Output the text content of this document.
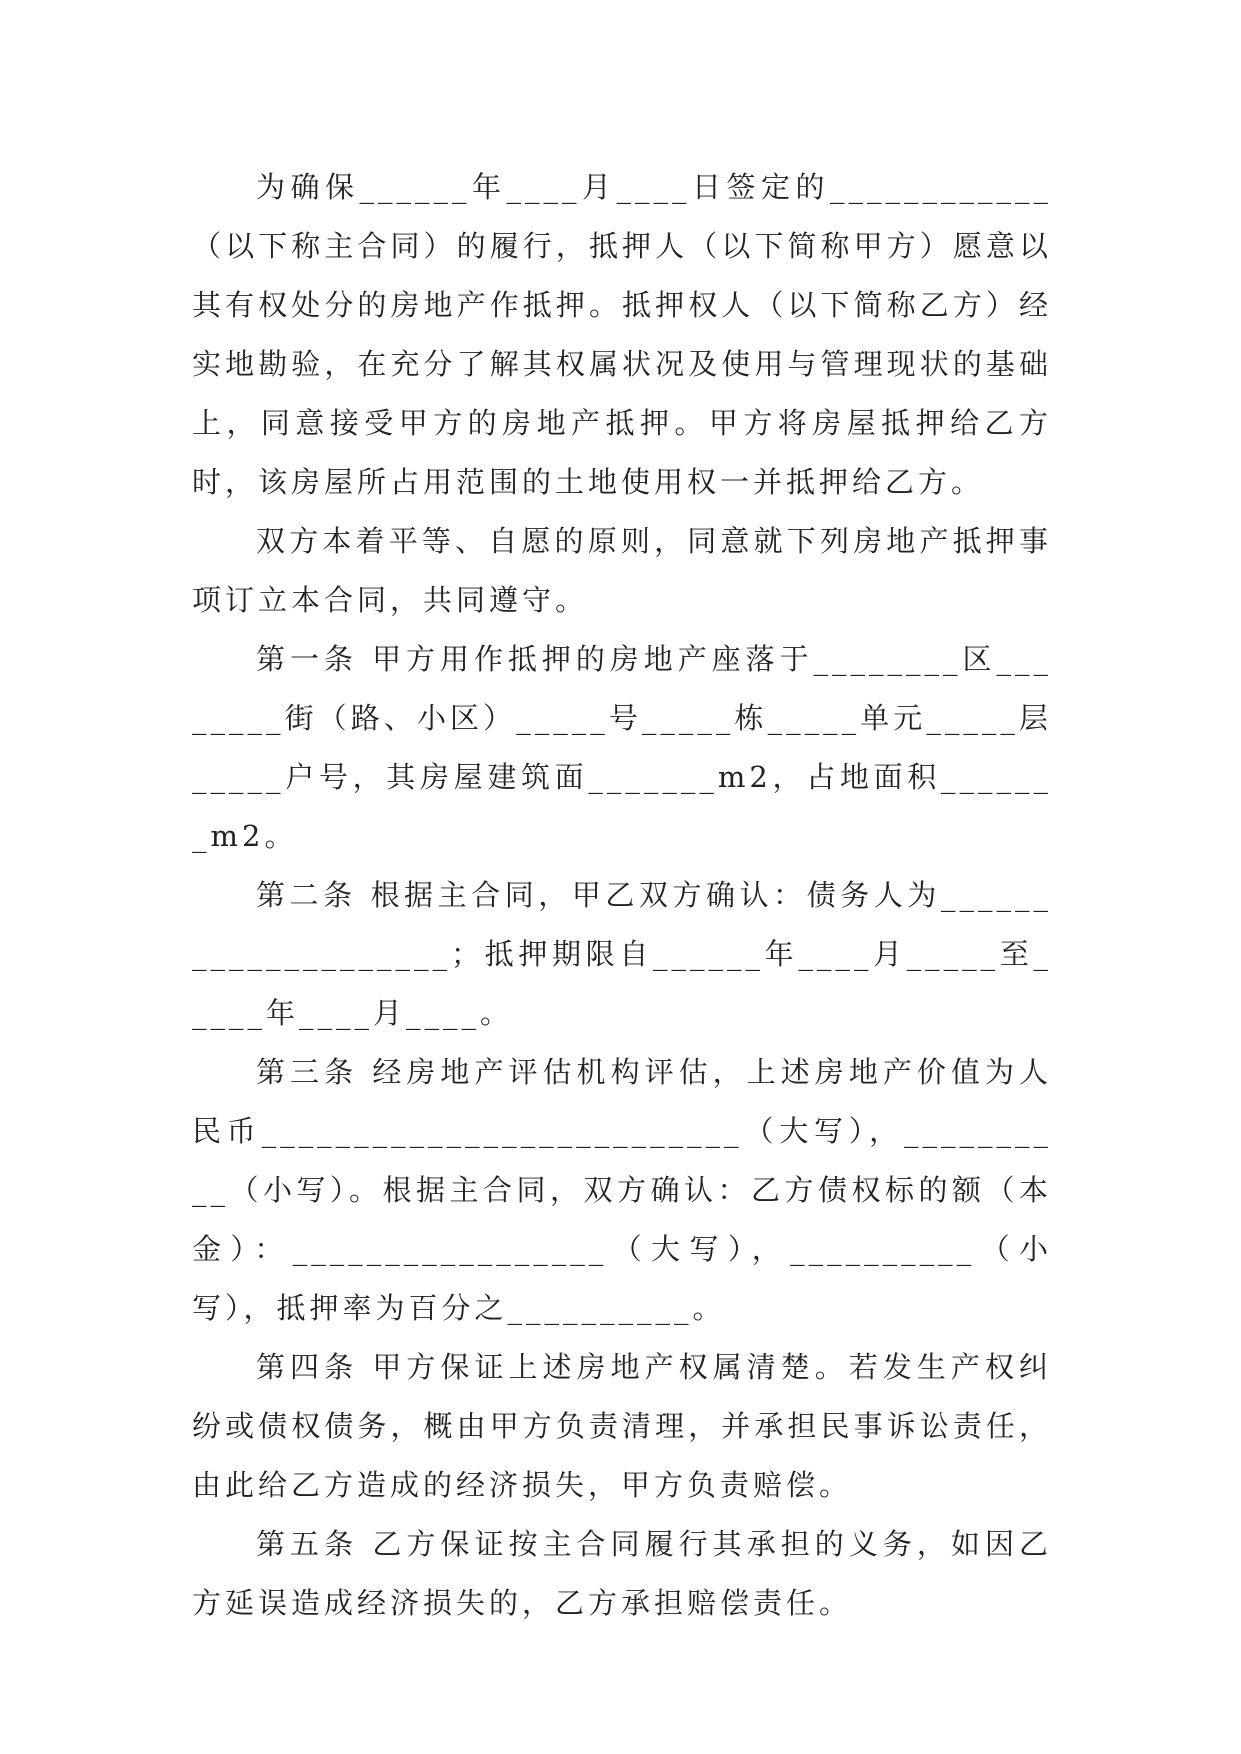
为确保______年____月____日签定的____________（以下称主合同）的履行，抵押人（以下简称甲方）愿意以其有权处分的房地产作抵押。抵押权人（以下简称乙方）经实地勘验，在充分了解其权属状况及使用与管理现状的基础上，同意接受甲方的房地产抵押。甲方将房屋抵押给乙方时，该房屋所占用范围的土地使用权一并抵押给乙方。

双方本着平等、自愿的原则，同意就下列房地产抵押事项订立本合同，共同遵守。

第一条 甲方用作抵押的房地产座落于________区________街（路、小区）_____号_____栋_____单元_____层_____户号，其房屋建筑面_______m2，占地面积_______m2。

第二条 根据主合同，甲乙双方确认：债务人为____________________；抵押期限自______年____月_____至_____年____月____。

第三条 经房地产评估机构评估，上述房地产价值为人民币__________________________（大写），__________（小写）。根据主合同，双方确认：乙方债权标的额（本金）：_________________（大写），__________（小写），抵押率为百分之__________。

第四条 甲方保证上述房地产权属清楚。若发生产权纠纷或债权债务，概由甲方负责清理，并承担民事诉讼责任，由此给乙方造成的经济损失，甲方负责赔偿。

第五条 乙方保证按主合同履行其承担的义务，如因乙方延误造成经济损失的，乙方承担赔偿责任。
